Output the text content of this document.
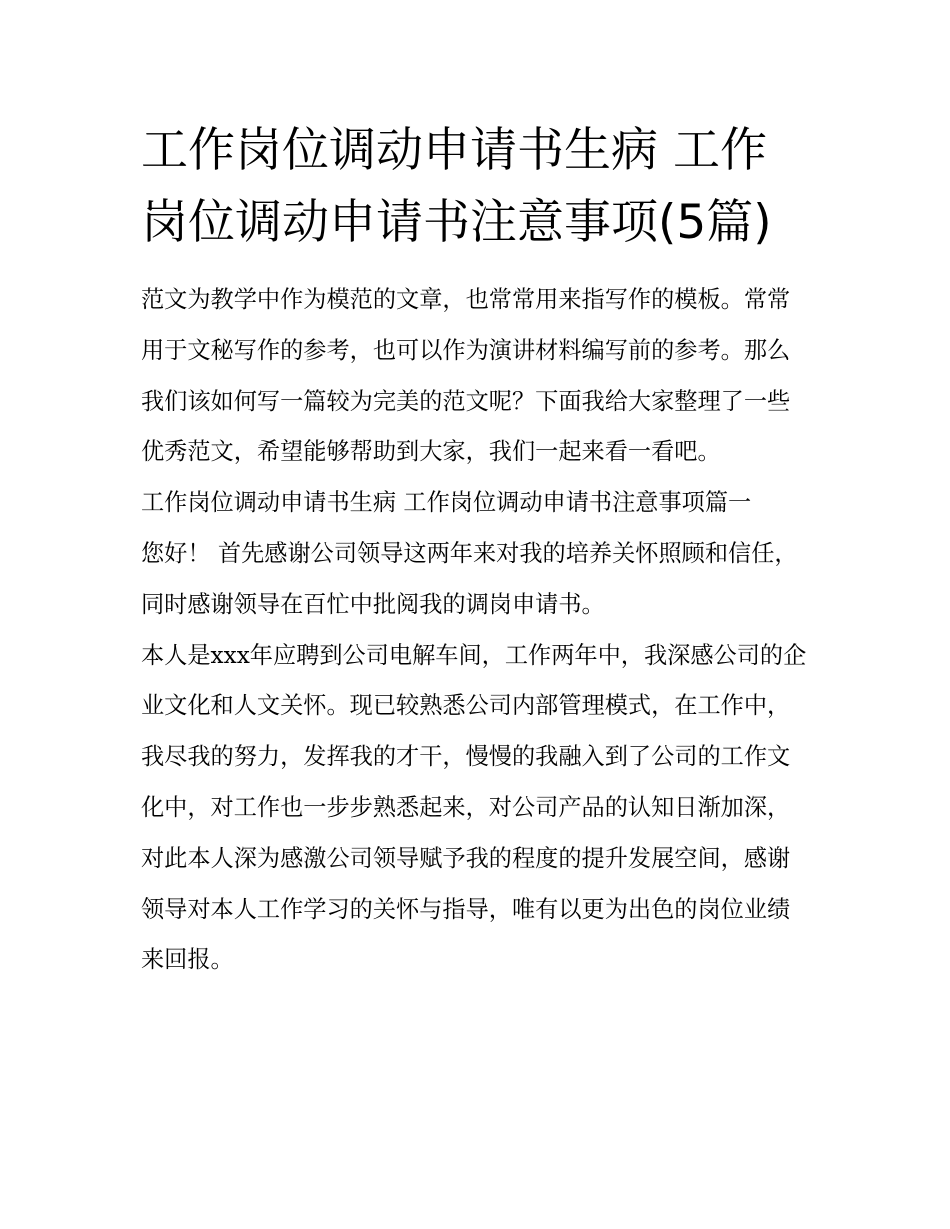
工作岗位调动申请书生病 工作岗位调动申请书注意事项(5篇)

范文为教学中作为模范的文章，也常常用来指写作的模板。常常用于文秘写作的参考，也可以作为演讲材料编写前的参考。那么我们该如何写一篇较为完美的范文呢？下面我给大家整理了一些优秀范文，希望能够帮助到大家，我们一起来看一看吧。

工作岗位调动申请书生病 工作岗位调动申请书注意事项篇一

您好！ 首先感谢公司领导这两年来对我的培养关怀照顾和信任，同时感谢领导在百忙中批阅我的调岗申请书。

本人是xxx年应聘到公司电解车间，工作两年中，我深感公司的企业文化和人文关怀。现已较熟悉公司内部管理模式，在工作中，我尽我的努力，发挥我的才干，慢慢的我融入到了公司的工作文化中，对工作也一步步熟悉起来，对公司产品的认知日渐加深，对此本人深为感激公司领导赋予我的程度的提升发展空间，感谢领导对本人工作学习的关怀与指导，唯有以更为出色的岗位业绩来回报。
